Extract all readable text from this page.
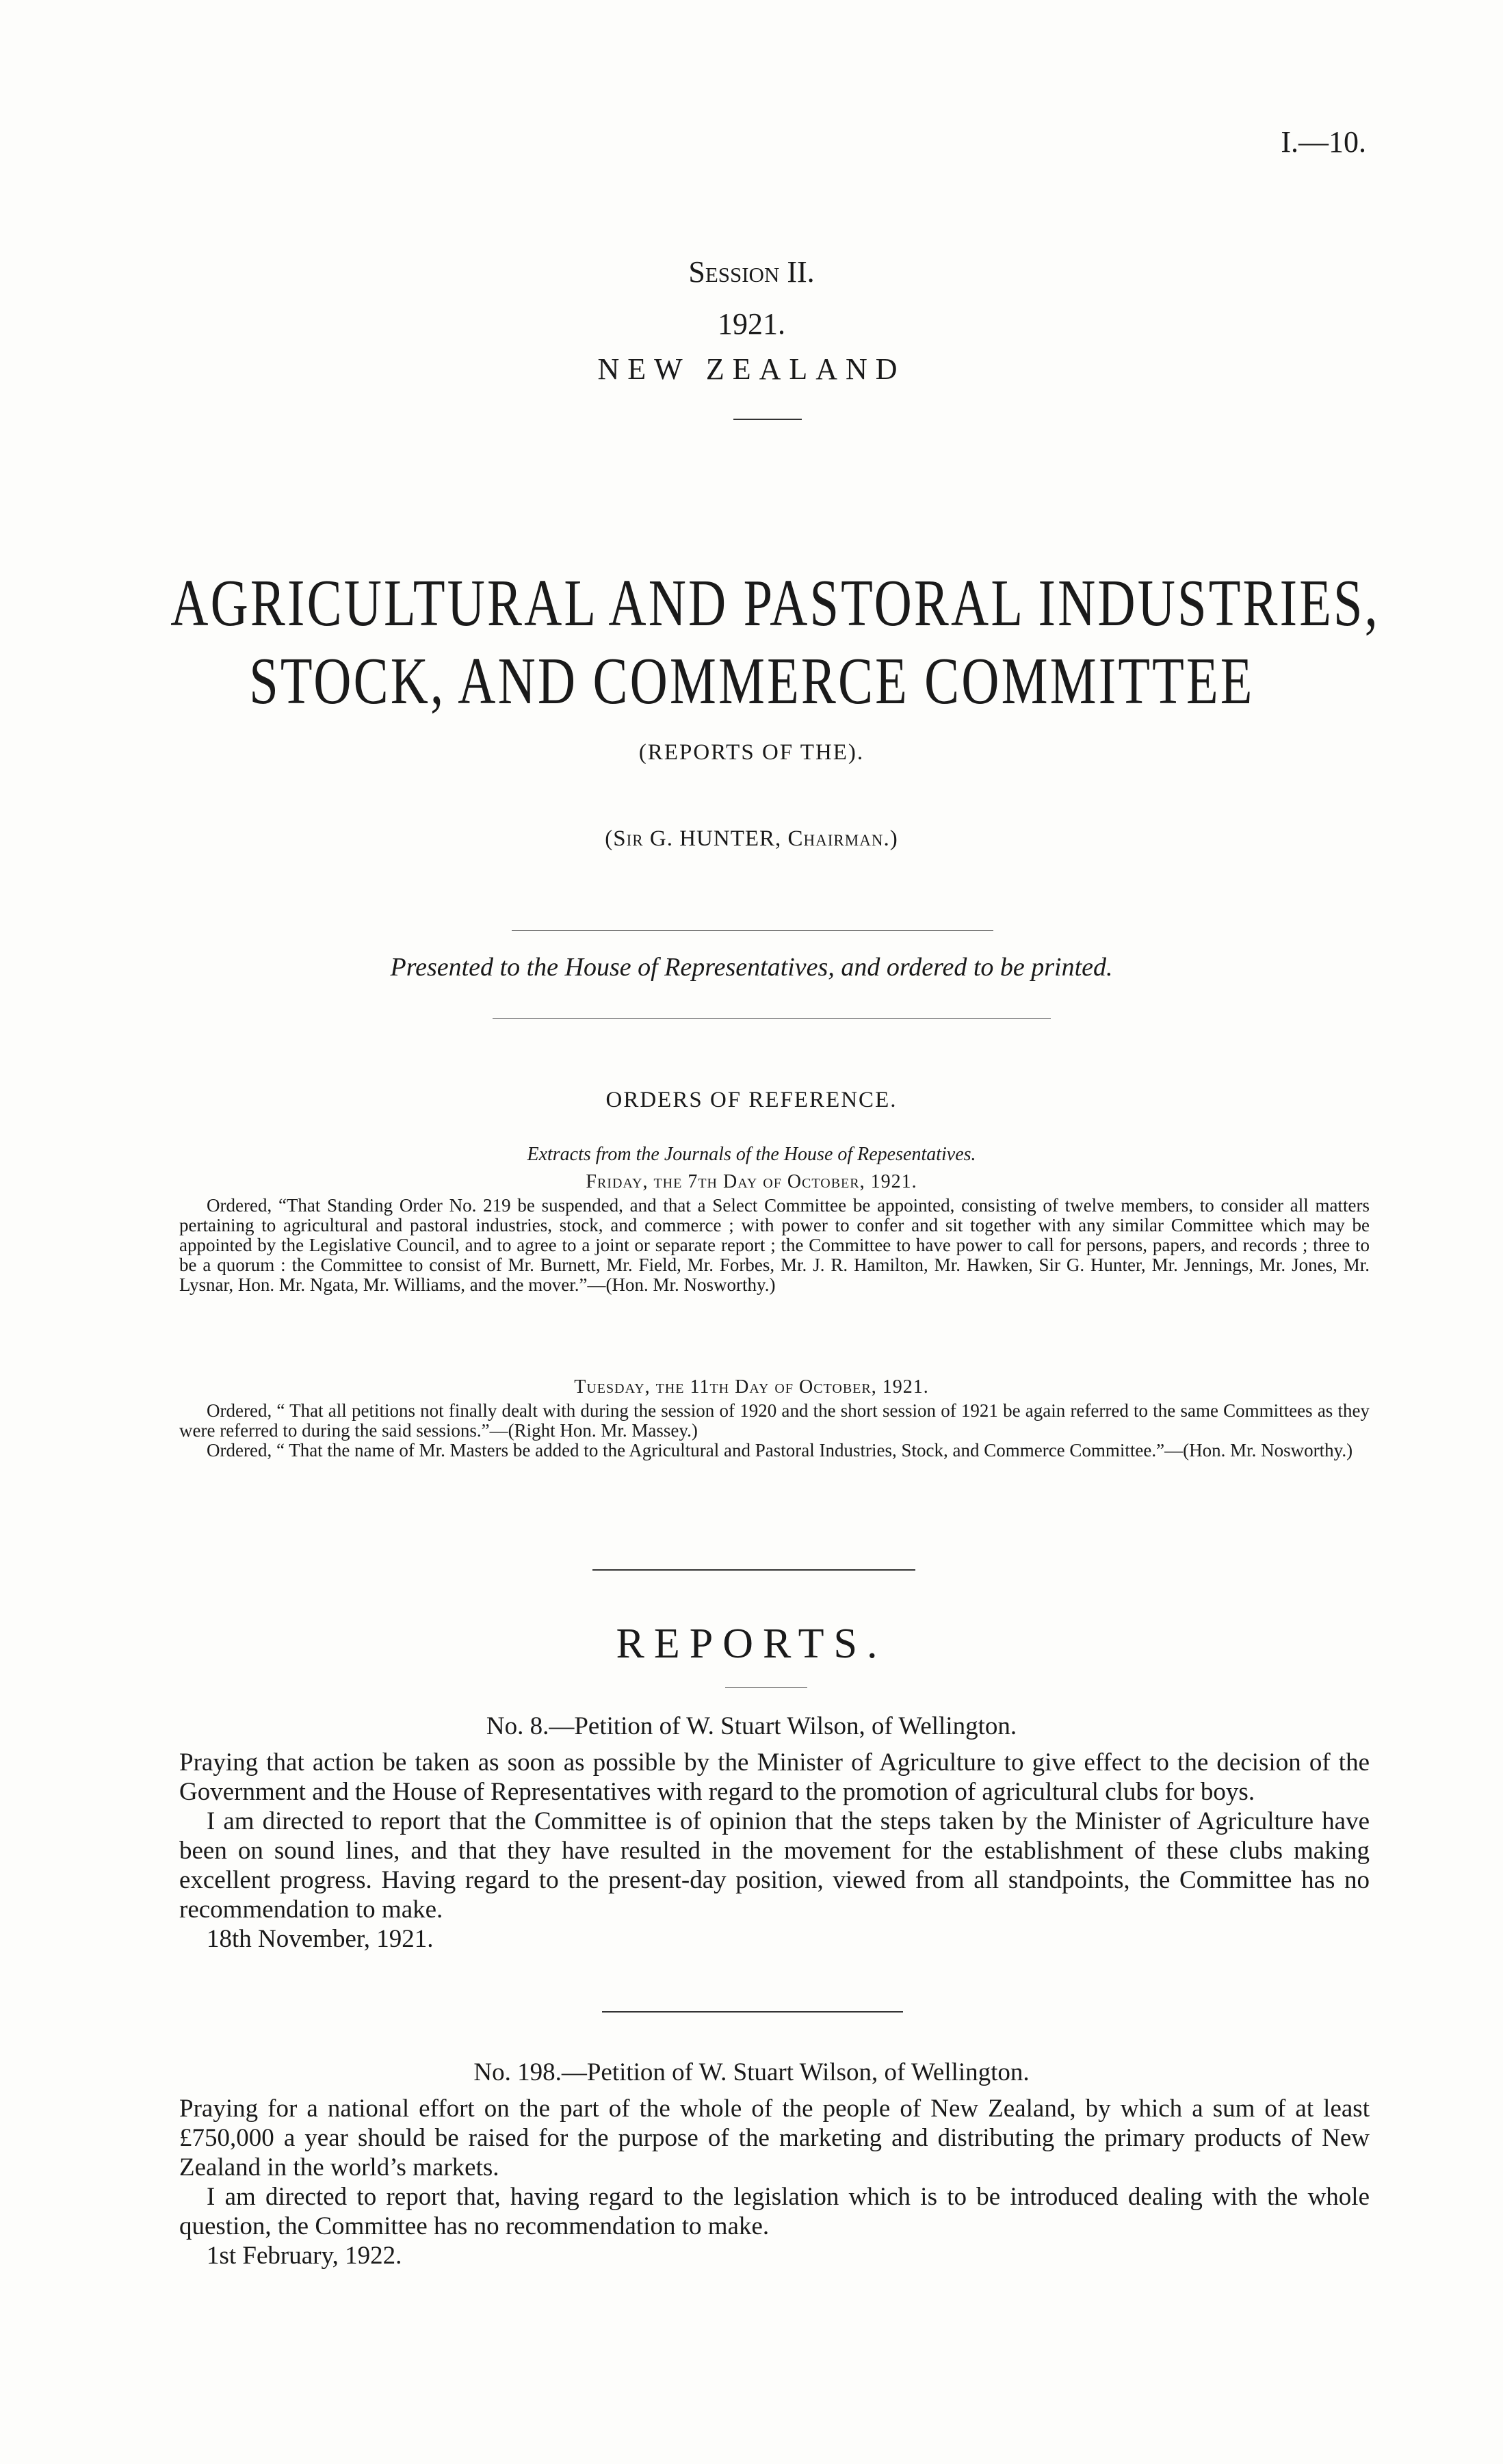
I.—10.
Session II.
1921.
NEW ZEALAND
AGRICULTURAL AND PASTORAL INDUSTRIES,
STOCK, AND COMMERCE COMMITTEE
(REPORTS OF THE).
(Sir G. HUNTER, Chairman.)
Presented to the House of Representatives, and ordered to be printed.
ORDERS OF REFERENCE.
Extracts from the Journals of the House of Repesentatives.
Friday, the 7th Day of October, 1921.

Ordered, “That Standing Order No. 219 be suspended, and that a Select Committee be appointed, consisting of twelve members, to consider all matters pertaining to agricultural and pastoral industries, stock, and commerce ; with power to confer and sit together with any similar Committee which may be appointed by the Legislative Council, and to agree to a joint or separate report ; the Committee to have power to call for persons, papers, and records ; three to be a quorum : the Committee to consist of Mr. Burnett, Mr. Field, Mr. Forbes, Mr. J. R. Hamilton, Mr. Hawken, Sir G. Hunter, Mr. Jennings, Mr. Jones, Mr. Lysnar, Hon. Mr. Ngata, Mr. Williams, and the mover.”—(Hon. Mr. Nosworthy.)

Tuesday, the 11th Day of October, 1921.

Ordered, “ That all petitions not finally dealt with during the session of 1920 and the short session of 1921 be again referred to the same Committees as they were referred to during the said sessions.”—(Right Hon. Mr. Massey.)

Ordered, “ That the name of Mr. Masters be added to the Agricultural and Pastoral Industries, Stock, and Commerce Committee.”—(Hon. Mr. Nosworthy.)

REPORTS.
No. 8.—Petition of W. Stuart Wilson, of Wellington.

Praying that action be taken as soon as possible by the Minister of Agriculture to give effect to the decision of the Government and the House of Representatives with regard to the promotion of agricultural clubs for boys.

I am directed to report that the Committee is of opinion that the steps taken by the Minister of Agriculture have been on sound lines, and that they have resulted in the movement for the establishment of these clubs making excellent progress. Having regard to the present-day position, viewed from all standpoints, the Committee has no recommendation to make.

18th November, 1921.

No. 198.—Petition of W. Stuart Wilson, of Wellington.

Praying for a national effort on the part of the whole of the people of New Zealand, by which a sum of at least £750,000 a year should be raised for the purpose of the marketing and distributing the primary products of New Zealand in the world’s markets.

I am directed to report that, having regard to the legislation which is to be introduced dealing with the whole question, the Committee has no recommendation to make.

1st February, 1922.
